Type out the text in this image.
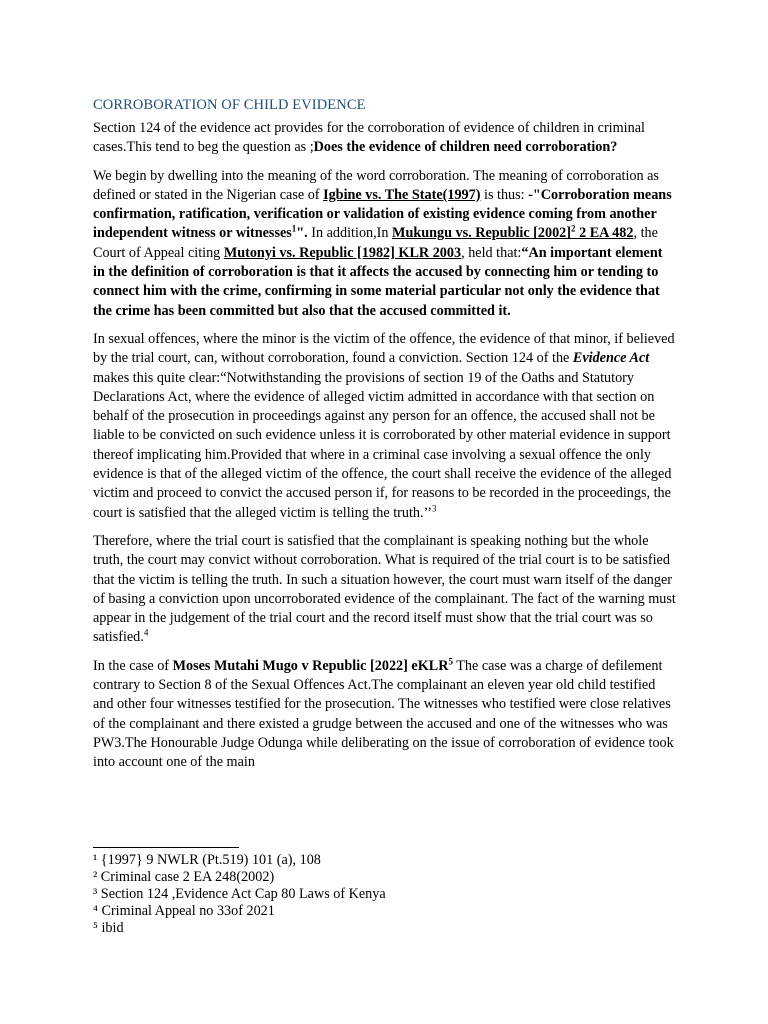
CORROBORATION OF CHILD EVIDENCE

Section 124 of the evidence act provides for the corroboration of evidence of children in criminal cases.This tend to beg the question as ;Does the evidence of children need corroboration?

We begin by dwelling into the meaning of the word corroboration. The meaning of corroboration as defined or stated in the Nigerian case of Igbine vs. The State(1997) is thus: -"Corroboration means confirmation, ratification, verification or validation of existing evidence coming from another independent witness or witnesses$^1$". In addition,In Mukungu vs. Republic $[2002]^2$ 2 EA 482, the Court of Appeal citing Mutonyi vs. Republic [1982] KLR 2003, held that:“An important element in the definition of corroboration is that it affects the accused by connecting him or tending to connect him with the crime, confirming in some material particular not only the evidence that the crime has been committed but also that the accused committed it.

In sexual offences, where the minor is the victim of the offence, the evidence of that minor, if believed by the trial court, can, without corroboration, found a conviction. Section 124 of the Evidence Act makes this quite clear:“Notwithstanding the provisions of section 19 of the Oaths and Statutory Declarations Act, where the evidence of alleged victim admitted in accordance with that section on behalf of the prosecution in proceedings against any person for an offence, the accused shall not be liable to be convicted on such evidence unless it is corroborated by other material evidence in support thereof implicating him.Provided that where in a criminal case involving a sexual offence the only evidence is that of the alleged victim of the offence, the court shall receive the evidence of the alleged victim and proceed to convict the accused person if, for reasons to be recorded in the proceedings, the court is satisfied that the alleged victim is telling the truth.’’$^3$

Therefore, where the trial court is satisfied that the complainant is speaking nothing but the whole truth, the court may convict without corroboration. What is required of the trial court is to be satisfied that the victim is telling the truth. In such a situation however, the court must warn itself of the danger of basing a conviction upon uncorroborated evidence of the complainant. The fact of the warning must appear in the judgement of the trial court and the record itself must show that the trial court was so satisfied.$^4$

In the case of Moses Mutahi Mugo v Republic [2022] eKLR$^5$ The case was a charge of defilement contrary to Section 8 of the Sexual Offences Act.The complainant an eleven year old child testified and other four witnesses testified for the prosecution. The witnesses who testified were close relatives of the complainant and there existed a grudge between the accused and one of the witnesses who was PW3.The Honourable Judge Odunga while deliberating on the issue of corroboration of evidence took into account one of the main

¹ {1997} 9 NWLR (Pt.519) 101 (a), 108
² Criminal case 2 EA 248(2002)
³ Section 124 ,Evidence Act Cap 80 Laws of Kenya
⁴ Criminal Appeal no 33of 2021
⁵ ibid
